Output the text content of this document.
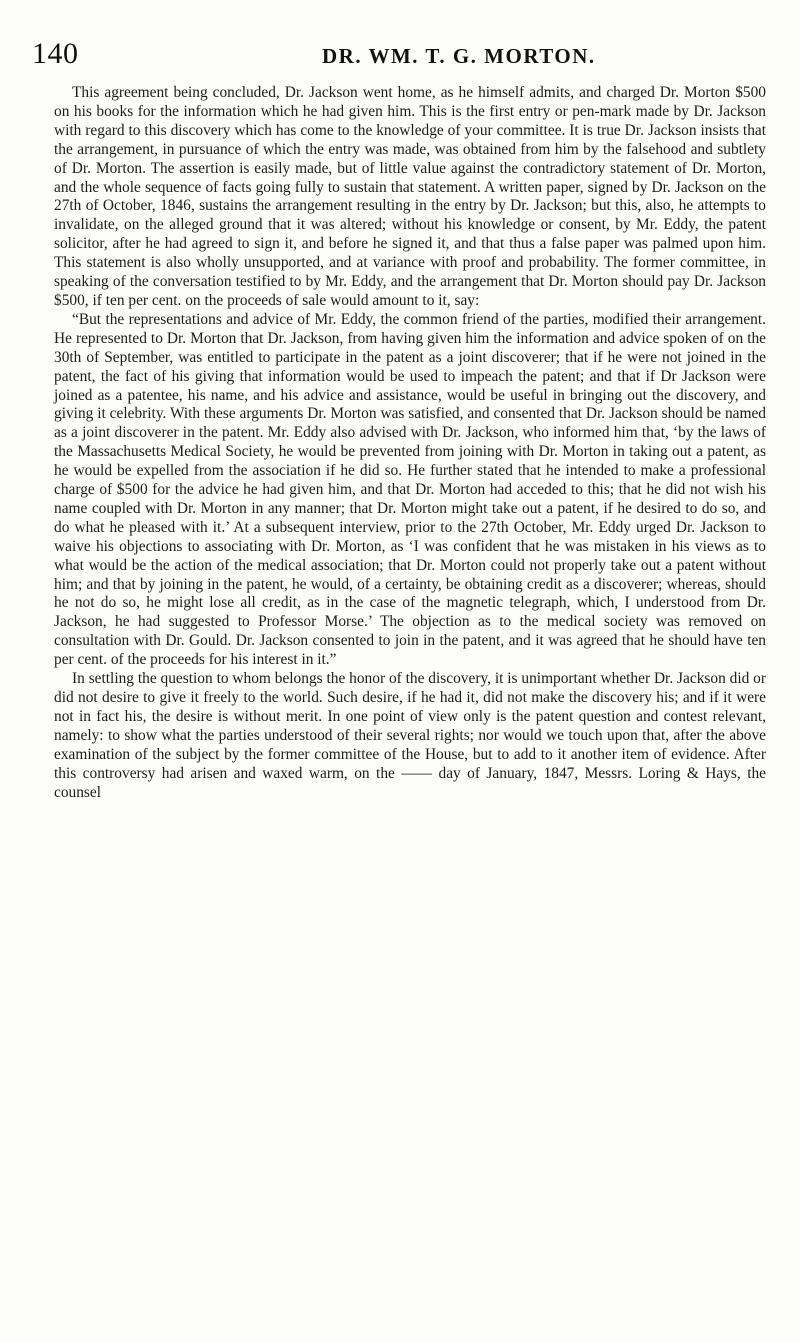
140	DR. WM. T. G. MORTON.

This agreement being concluded, Dr. Jackson went home, as he himself admits, and charged Dr. Morton $500 on his books for the information which he had given him. This is the first entry or pen-mark made by Dr. Jackson with regard to this discovery which has come to the knowledge of your committee. It is true Dr. Jackson insists that the arrangement, in pursuance of which the entry was made, was obtained from him by the falsehood and subtlety of Dr. Morton. The assertion is easily made, but of little value against the contradictory statement of Dr. Morton, and the whole sequence of facts going fully to sustain that statement. A written paper, signed by Dr. Jackson on the 27th of October, 1846, sustains the arrangement resulting in the entry by Dr. Jackson; but this, also, he attempts to invalidate, on the alleged ground that it was altered; without his knowledge or consent, by Mr. Eddy, the patent solicitor, after he had agreed to sign it, and before he signed it, and that thus a false paper was palmed upon him. This statement is also wholly unsupported, and at variance with proof and probability. The former committee, in speaking of the conversation testified to by Mr. Eddy, and the arrangement that Dr. Morton should pay Dr. Jackson $500, if ten per cent. on the proceeds of sale would amount to it, say:

“But the representations and advice of Mr. Eddy, the common friend of the parties, modified their arrangement. He represented to Dr. Morton that Dr. Jackson, from having given him the information and advice spoken of on the 30th of September, was entitled to participate in the patent as a joint discoverer; that if he were not joined in the patent, the fact of his giving that information would be used to impeach the patent; and that if Dr Jackson were joined as a patentee, his name, and his advice and assistance, would be useful in bringing out the discovery, and giving it celebrity. With these arguments Dr. Morton was satisfied, and consented that Dr. Jackson should be named as a joint discoverer in the patent. Mr. Eddy also advised with Dr. Jackson, who informed him that, ‘by the laws of the Massachusetts Medical Society, he would be prevented from joining with Dr. Morton in taking out a patent, as he would be expelled from the association if he did so. He further stated that he intended to make a professional charge of $500 for the advice he had given him, and that Dr. Morton had acceded to this; that he did not wish his name coupled with Dr. Morton in any manner; that Dr. Morton might take out a patent, if he desired to do so, and do what he pleased with it.’ At a subsequent interview, prior to the 27th October, Mr. Eddy urged Dr. Jackson to waive his objections to associating with Dr. Morton, as ‘I was confident that he was mistaken in his views as to what would be the action of the medical association; that Dr. Morton could not properly take out a patent without him; and that by joining in the patent, he would, of a certainty, be obtaining credit as a discoverer; whereas, should he not do so, he might lose all credit, as in the case of the magnetic telegraph, which, I understood from Dr. Jackson, he had suggested to Professor Morse.’ The objection as to the medical society was removed on consultation with Dr. Gould. Dr. Jackson consented to join in the patent, and it was agreed that he should have ten per cent. of the proceeds for his interest in it.”

In settling the question to whom belongs the honor of the discovery, it is unimportant whether Dr. Jackson did or did not desire to give it freely to the world. Such desire, if he had it, did not make the discovery his; and if it were not in fact his, the desire is without merit. In one point of view only is the patent question and contest relevant, namely: to show what the parties understood of their several rights; nor would we touch upon that, after the above examination of the subject by the former committee of the House, but to add to it another item of evidence. After this controversy had arisen and waxed warm, on the —— day of January, 1847, Messrs. Loring & Hays, the counsel
